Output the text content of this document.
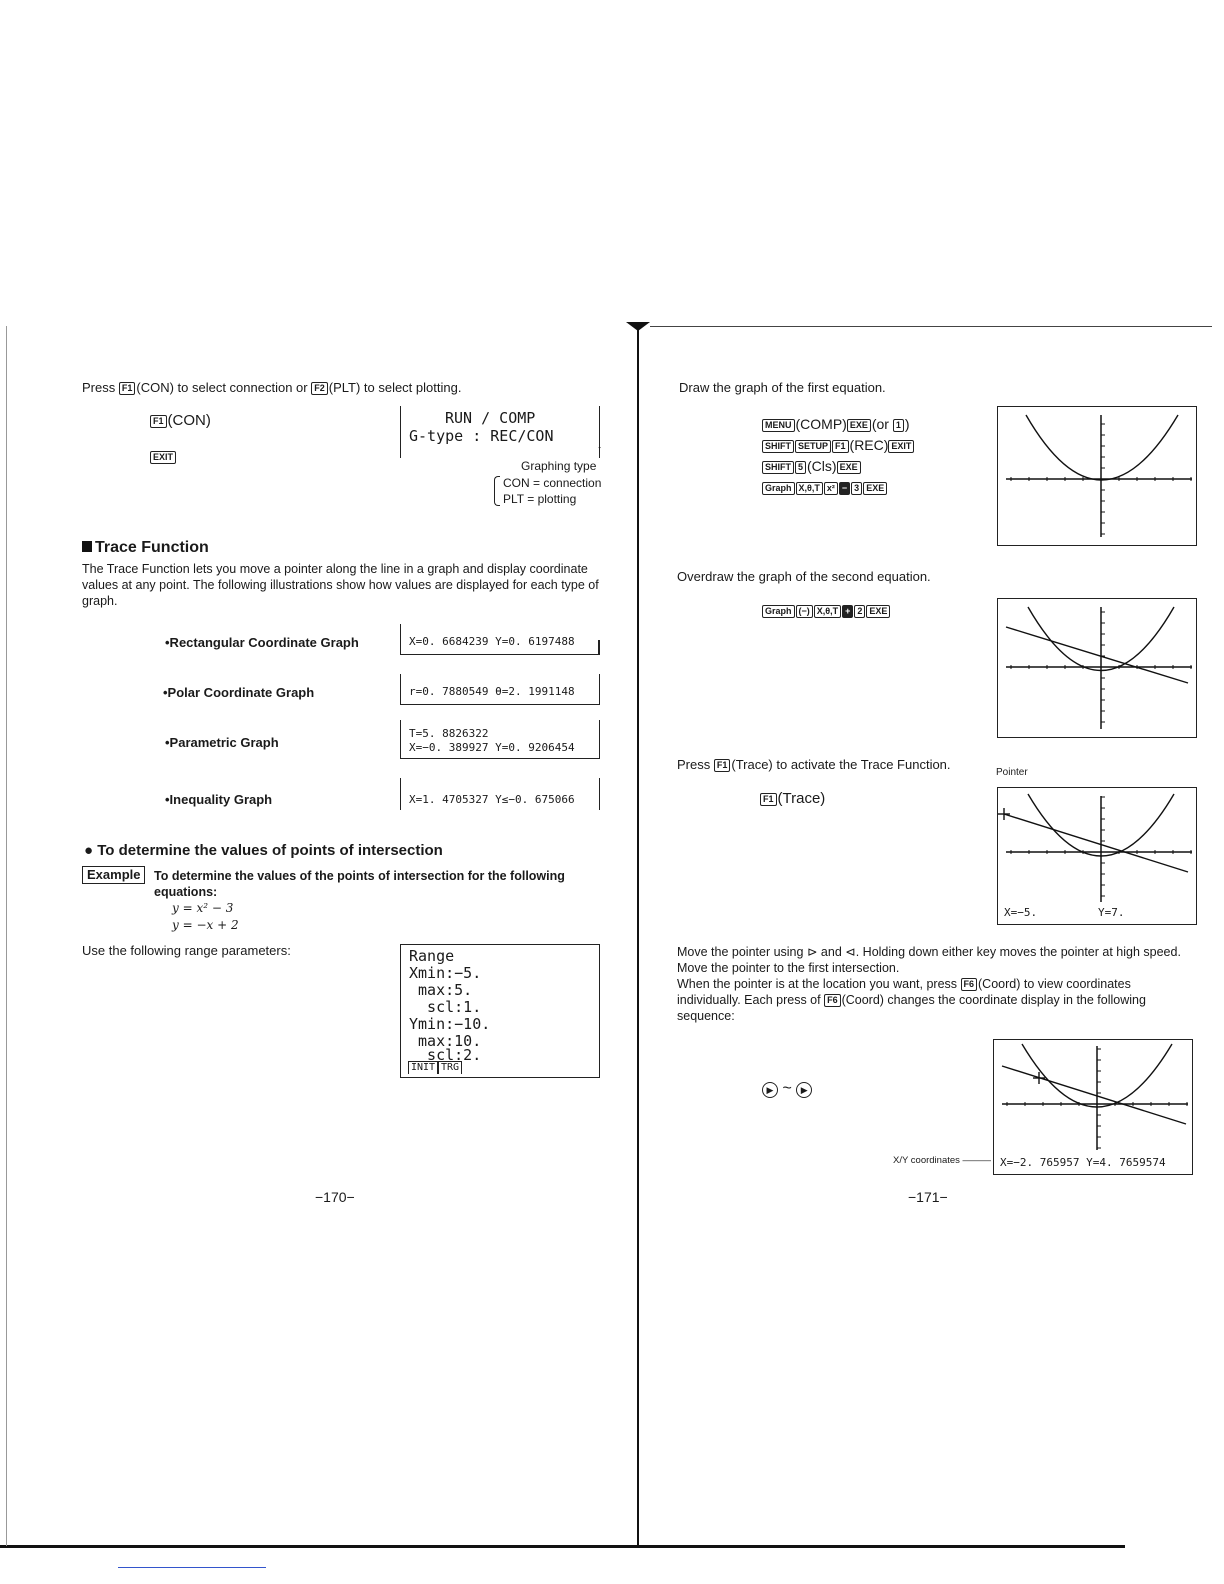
Press F1 (CON) to select connection or F2 (PLT) to select plotting.
F1 (CON)
EXIT
RUN ∕ COMP
G-type : REC∕CON
↑
Graphing type
CON = connection
PLT = plotting
Trace Function
The Trace Function lets you move a pointer along the line in a graph and display coordinate values at any point. The following illustrations show how values are displayed for each type of graph.
•Rectangular Coordinate Graph	X=0. 6684239 Y=0. 6197488
•Polar Coordinate Graph	r=0. 7880549 θ=2. 1991148
•Parametric Graph
T=5. 8826322
X=−0. 389927 Y=0. 9206454
•Inequality Graph	X=1. 4705327 Y≤−0. 675066
● To determine the values of points of intersection
Example	To determine the values of the points of intersection for the following equations:
y = x² − 3
y = −x + 2
Use the following range parameters:	Range
Xmin:−5.
max:5.
scl:1.
Ymin:−10.
max:10.
scl:2.
INIT TRG
−170−
Draw the graph of the first equation.
MENU (COMP) EXE (or 1 )
SHIFT SETUP F1 (REC) EXIT
SHIFT 5 (Cls) EXE
Graph X,θ,T x² − 3 EXE
Overdraw the graph of the second equation.
Graph (−) X,θ,T + 2 EXE
Press F1 (Trace) to activate the Trace Function.
Pointer
F1 (Trace)
X=−5.	Y=7.
Move the pointer using ⊳ and ⊲. Holding down either key moves the pointer at high speed.
Move the pointer to the first intersection.
When the pointer is at the location you want, press F6 (Coord) to view coordinates individually. Each press of F6 (Coord) changes the coordinate display in the following sequence:
▶ ~ ▶
X=−2. 765957 Y=4. 7659574
X/Y coordinates ———
−171−
